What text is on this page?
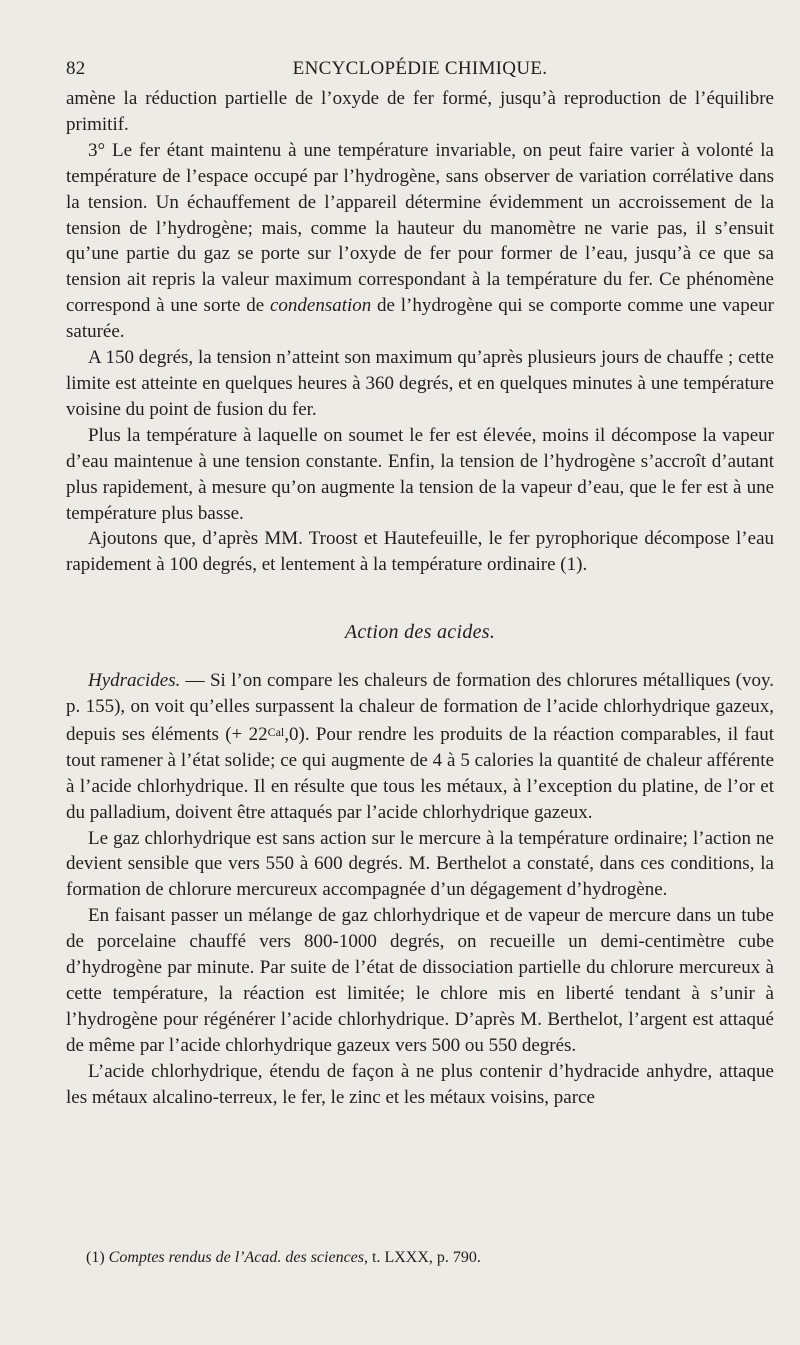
82	ENCYCLOPÉDIE CHIMIQUE.

amène la réduction partielle de l’oxyde de fer formé, jusqu’à reproduction de l’équilibre primitif.

3° Le fer étant maintenu à une température invariable, on peut faire varier à volonté la température de l’espace occupé par l’hydrogène, sans observer de variation corrélative dans la tension. Un échauffement de l’appareil détermine évidemment un accroissement de la tension de l’hydrogène; mais, comme la hauteur du manomètre ne varie pas, il s’ensuit qu’une partie du gaz se porte sur l’oxyde de fer pour former de l’eau, jusqu’à ce que sa tension ait repris la valeur maximum correspondant à la température du fer. Ce phénomène correspond à une sorte de condensation de l’hydrogène qui se comporte comme une vapeur saturée.

A 150 degrés, la tension n’atteint son maximum qu’après plusieurs jours de chauffe ; cette limite est atteinte en quelques heures à 360 degrés, et en quelques minutes à une température voisine du point de fusion du fer.

Plus la température à laquelle on soumet le fer est élevée, moins il décompose la vapeur d’eau maintenue à une tension constante. Enfin, la tension de l’hydrogène s’accroît d’autant plus rapidement, à mesure qu’on augmente la tension de la vapeur d’eau, que le fer est à une température plus basse.

Ajoutons que, d’après MM. Troost et Hautefeuille, le fer pyrophorique décompose l’eau rapidement à 100 degrés, et lentement à la température ordinaire (1).

Action des acides.

Hydracides. — Si l’on compare les chaleurs de formation des chlorures métalliques (voy. p. 155), on voit qu’elles surpassent la chaleur de formation de l’acide chlorhydrique gazeux, depuis ses éléments (+ $22^{Cal},0$). Pour rendre les produits de la réaction comparables, il faut tout ramener à l’état solide; ce qui augmente de 4 à 5 calories la quantité de chaleur afférente à l’acide chlorhydrique. Il en résulte que tous les métaux, à l’exception du platine, de l’or et du palladium, doivent être attaqués par l’acide chlorhydrique gazeux.

Le gaz chlorhydrique est sans action sur le mercure à la température ordinaire; l’action ne devient sensible que vers 550 à 600 degrés. M. Berthelot a constaté, dans ces conditions, la formation de chlorure mercureux accompagnée d’un dégagement d’hydrogène.

En faisant passer un mélange de gaz chlorhydrique et de vapeur de mercure dans un tube de porcelaine chauffé vers 800-1000 degrés, on recueille un demi-centimètre cube d’hydrogène par minute. Par suite de l’état de dissociation partielle du chlorure mercureux à cette température, la réaction est limitée; le chlore mis en liberté tendant à s’unir à l’hydrogène pour régénérer l’acide chlorhydrique. D’après M. Berthelot, l’argent est attaqué de même par l’acide chlorhydrique gazeux vers 500 ou 550 degrés.

L’acide chlorhydrique, étendu de façon à ne plus contenir d’hydracide anhydre, attaque les métaux alcalino-terreux, le fer, le zinc et les métaux voisins, parce

(1) Comptes rendus de l’Acad. des sciences, t. LXXX, p. 790.
